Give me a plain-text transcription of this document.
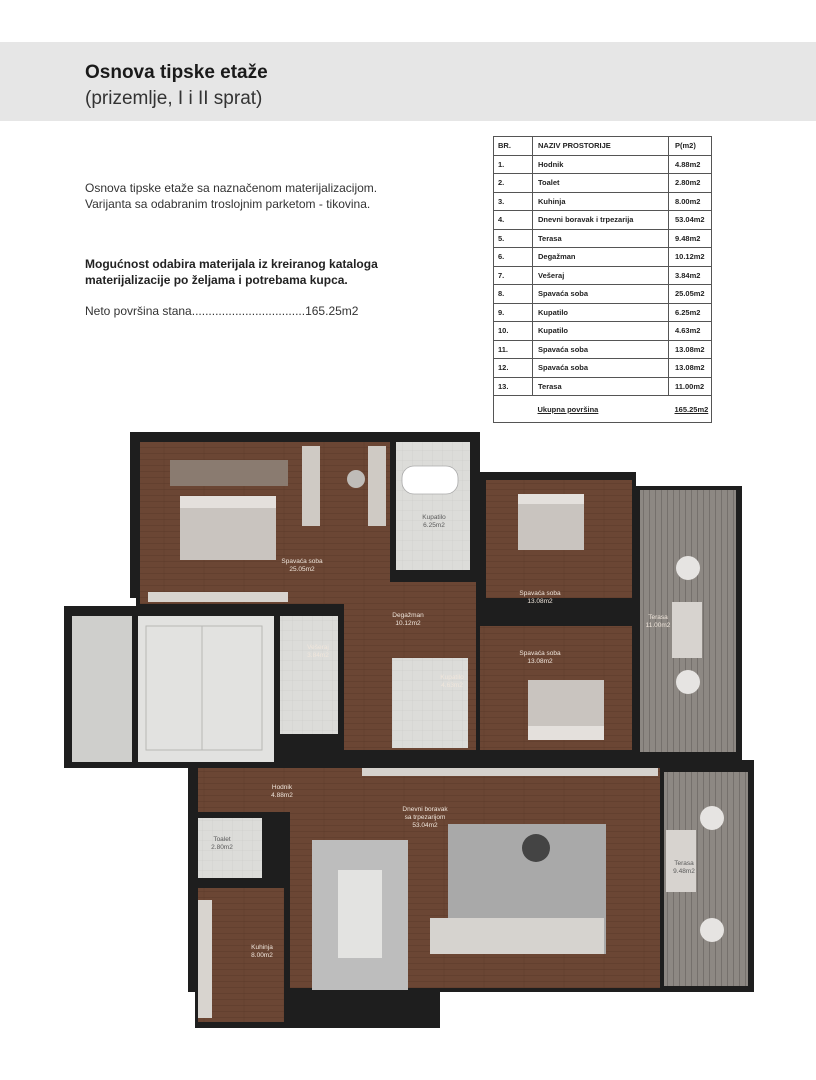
Osnova tipske etaže
(prizemlje, I i II sprat)
Osnova tipske etaže sa naznačenom materijalizacijom. Varijanta sa odabranim troslojnim parketom - tikovina.
Mogućnost odabira materijala iz kreiranog kataloga materijalizacije po željama i potrebama kupca.
Neto površina stana..................................165.25m2
BR.	NAZIV PROSTORIJE	P(m2)
1.	Hodnik	4.88m2
2.	Toalet	2.80m2
3.	Kuhinja	8.00m2
4.	Dnevni boravak i trpezarija	53.04m2
5.	Terasa	9.48m2
6.	Degažman	10.12m2
7.	Vešeraj	3.84m2
8.	Spavaća soba	25.05m2
9.	Kupatilo	6.25m2
10.	Kupatilo	4.63m2
11.	Spavaća soba	13.08m2
12.	Spavaća soba	13.08m2
13.	Terasa	11.00m2
	Ukupna površina	165.25m2
Spavaća soba
25.05m2
Kupatilo
6.25m2
Spavaća soba
13.08m2
Degažman
10.12m2
Terasa
11.00m2
Vešeraj
3.84m2
Kupatilo
4.63m2
Spavaća soba
13.08m2
Hodnik
4.88m2
Dnevni boravak
sa trpezarijom
53.04m2
Toalet
2.80m2
Terasa
9.48m2
Kuhinja
8.00m2
